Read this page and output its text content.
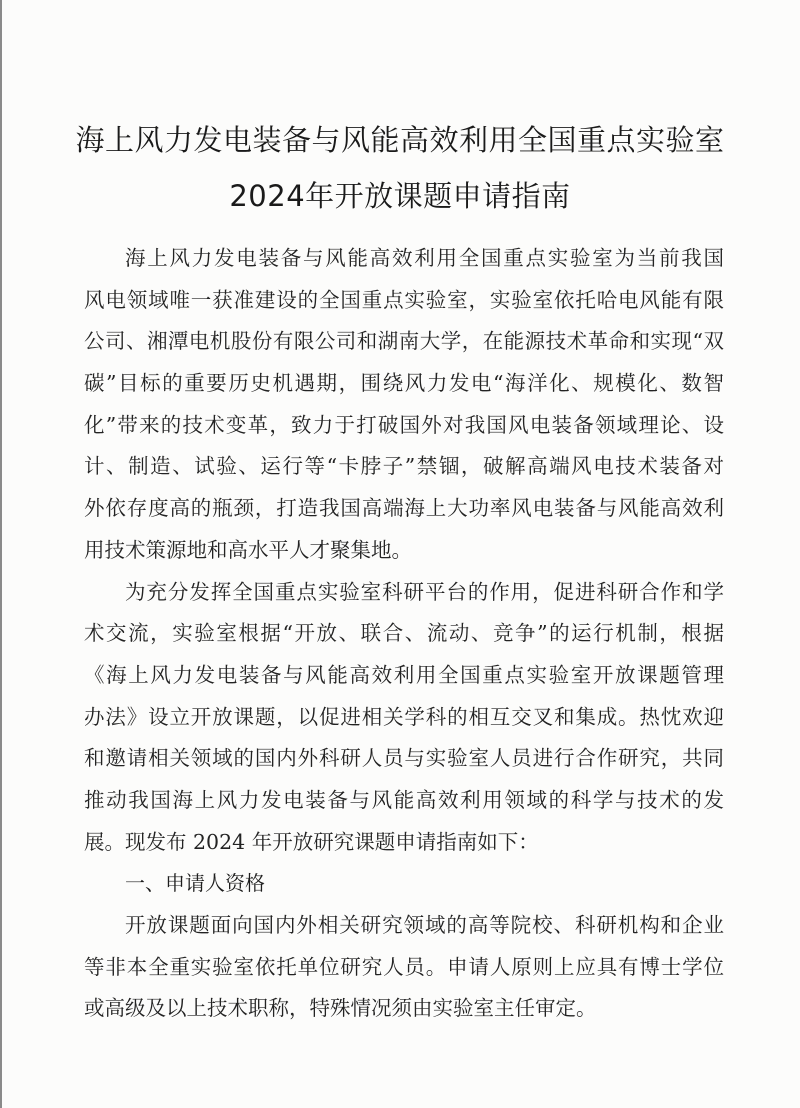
海上风力发电装备与风能高效利用全国重点实验室
2024年开放课题申请指南
海上风力发电装备与风能高效利用全国重点实验室为当前我国
风电领域唯一获准建设的全国重点实验室，实验室依托哈电风能有限
公司、湘潭电机股份有限公司和湖南大学，在能源技术革命和实现“双
碳”目标的重要历史机遇期，围绕风力发电“海洋化、规模化、数智
化”带来的技术变革，致力于打破国外对我国风电装备领域理论、设
计、制造、试验、运行等“卡脖子”禁锢，破解高端风电技术装备对
外依存度高的瓶颈，打造我国高端海上大功率风电装备与风能高效利
用技术策源地和高水平人才聚集地。
为充分发挥全国重点实验室科研平台的作用，促进科研合作和学
术交流，实验室根据“开放、联合、流动、竞争”的运行机制，根据
《海上风力发电装备与风能高效利用全国重点实验室开放课题管理
办法》设立开放课题，以促进相关学科的相互交叉和集成。热忱欢迎
和邀请相关领域的国内外科研人员与实验室人员进行合作研究，共同
推动我国海上风力发电装备与风能高效利用领域的科学与技术的发
展。现发布 2024 年开放研究课题申请指南如下：
一、申请人资格
开放课题面向国内外相关研究领域的高等院校、科研机构和企业
等非本全重实验室依托单位研究人员。申请人原则上应具有博士学位
或高级及以上技术职称，特殊情况须由实验室主任审定。
